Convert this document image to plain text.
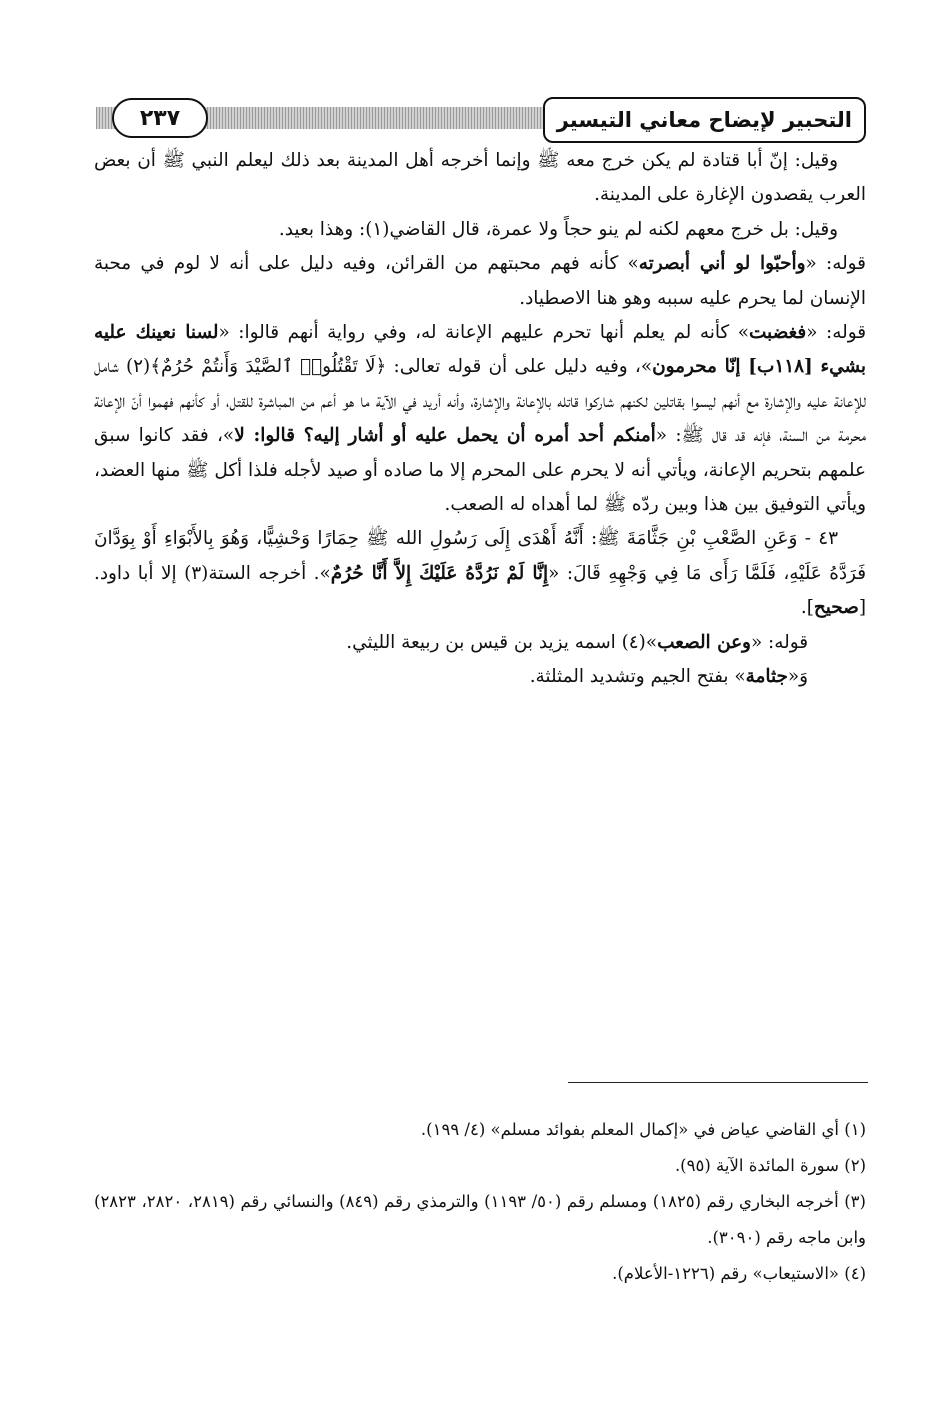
التحبير لإيضاح معاني التيسير
٢٣٧

وقيل: إنّ أبا قتادة لم يكن خرج معه ﷺ وإنما أخرجه أهل المدينة بعد ذلك ليعلم النبي ﷺ أن بعض العرب يقصدون الإغارة على المدينة.

وقيل: بل خرج معهم لكنه لم ينو حجاً ولا عمرة، قال القاضي(١): وهذا بعيد.

قوله: «وأحبّوا لو أني أبصرته» كأنه فهم محبتهم من القرائن، وفيه دليل على أنه لا لوم في محبة الإنسان لما يحرم عليه سببه وهو هنا الاصطياد.

قوله: «فغضبت» كأنه لم يعلم أنها تحرم عليهم الإعانة له، وفي رواية أنهم قالوا: «لسنا نعينك عليه بشيء [١١٨ب] إنّا محرمون»، وفيه دليل على أن قوله تعالى: ﴿لَا تَقْتُلُوا۟ ٱلصَّيْدَ وَأَنتُمْ حُرُمٌ﴾(٢) شامل للإعانة عليه والإشارة مع أنهم ليسوا بقاتلين لكنهم شاركوا قاتله بالإعانة والإشارة، وأنه أريد في الآية ما هو أعم من المباشرة للقتل، أو كأنهم فهموا أنّ الإعانة محرمة من السنة، فإنه قد قال ﷺ: «أمنكم أحد أمره أن يحمل عليه أو أشار إليه؟ قالوا: لا»، فقد كانوا سبق علمهم بتحريم الإعانة، ويأتي أنه لا يحرم على المحرم إلا ما صاده أو صيد لأجله فلذا أكل ﷺ منها العضد، ويأتي التوفيق بين هذا وبين ردّه ﷺ لما أهداه له الصعب.

٤٣ - وَعَنِ الصَّعْبِ بْنِ جَثَّامَةَ ﷺ: أَنَّهُ أَهْدَى إِلَى رَسُولِ الله ﷺ حِمَارًا وَحْشِيًّا، وَهُوَ بِالأَبْوَاءِ أَوْ بِوَدَّانَ فَرَدَّهُ عَلَيْهِ، فَلَمَّا رَأَى مَا فِي وَجْهِهِ قَالَ: «إِنَّا لَمْ نَرُدَّهُ عَلَيْكَ إِلاَّ أَنَّا حُرُمٌ». أخرجه الستة(٣) إلا أبا داود. [صحيح].

قوله: «وعن الصعب»(٤) اسمه يزيد بن قيس بن ربيعة الليثي.

وَ«جثامة» بفتح الجيم وتشديد المثلثة.

(١) أي القاضي عياض في «إكمال المعلم بفوائد مسلم» (٤/ ١٩٩).

(٢) سورة المائدة الآية (٩٥).

(٣) أخرجه البخاري رقم (١٨٢٥) ومسلم رقم (٥٠/ ١١٩٣) والترمذي رقم (٨٤٩) والنسائي رقم (٢٨١٩، ٢٨٢٠، ٢٨٢٣) وابن ماجه رقم (٣٠٩٠).

(٤) «الاستيعاب» رقم (١٢٢٦-الأعلام).
